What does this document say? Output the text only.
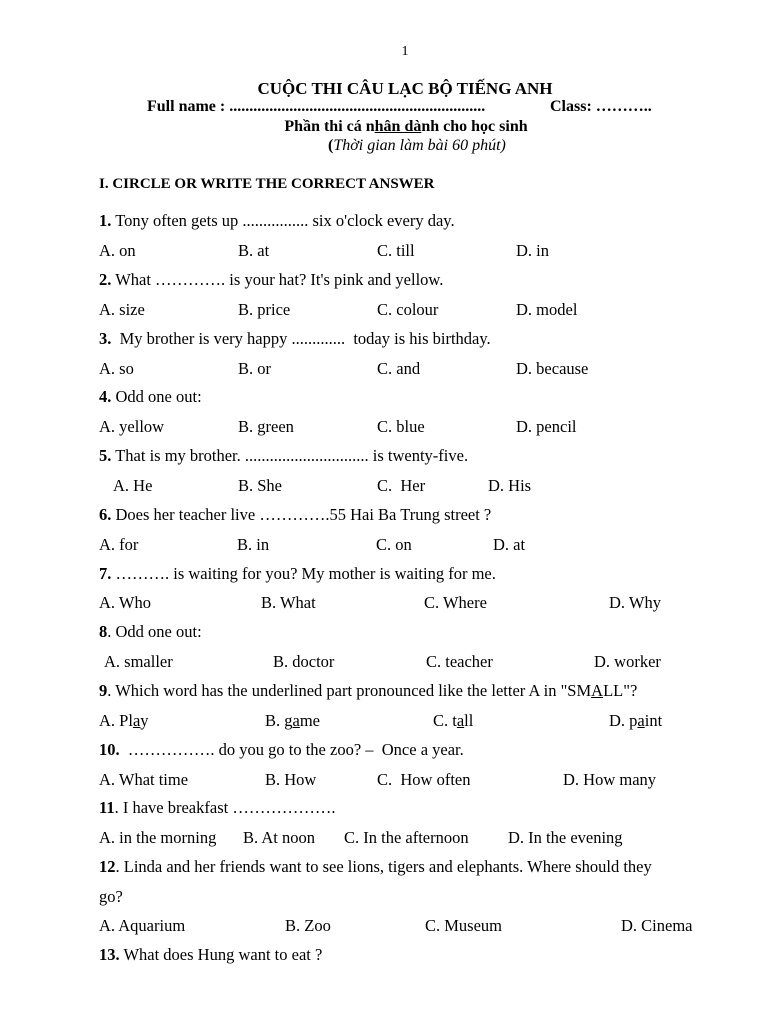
1
CUỘC THI CÂU LẠC BỘ TIẾNG ANH
Full name : ................................................................	Class: ………..
Phần thi cá nhân dành cho học sinh
(Thời gian làm bài 60 phút)
I. CIRCLE OR WRITE THE CORRECT ANSWER
1. Tony often gets up ................ six o'clock every day.
A. on	B. at	C. till	D. in
2. What …………. is your hat? It's pink and yellow.
A. size	B. price	C. colour	D. model
3.  My brother is very happy .............  today is his birthday.
A. so	B. or	C. and	D. because
4. Odd one out:
A. yellow	B. green	C. blue	D. pencil
5. That is my brother. .............................. is twenty-five.
A. He	B. She	C.  Her	D. His
6. Does her teacher live ………….55 Hai Ba Trung street ?
A. for	B. in	C. on	D. at
7. ………. is waiting for you? My mother is waiting for me.
A. Who	B. What	C. Where	D. Why
8. Odd one out:
A. smaller	B. doctor	C. teacher	D. worker
9. Which word has the underlined part pronounced like the letter A in "SMALL"?
A. Play	B. game	C. tall	D. paint
10.  ……………. do you go to the zoo? –  Once a year.
A. What time	B. How	C.  How often	D. How many
11. I have breakfast ……………….
A. in the morning B. At noon C. In the afternoon D. In the evening
12. Linda and her friends want to see lions, tigers and elephants. Where should they
go?
A. Aquarium	B. Zoo	C. Museum	D. Cinema
13. What does Hung want to eat ?
